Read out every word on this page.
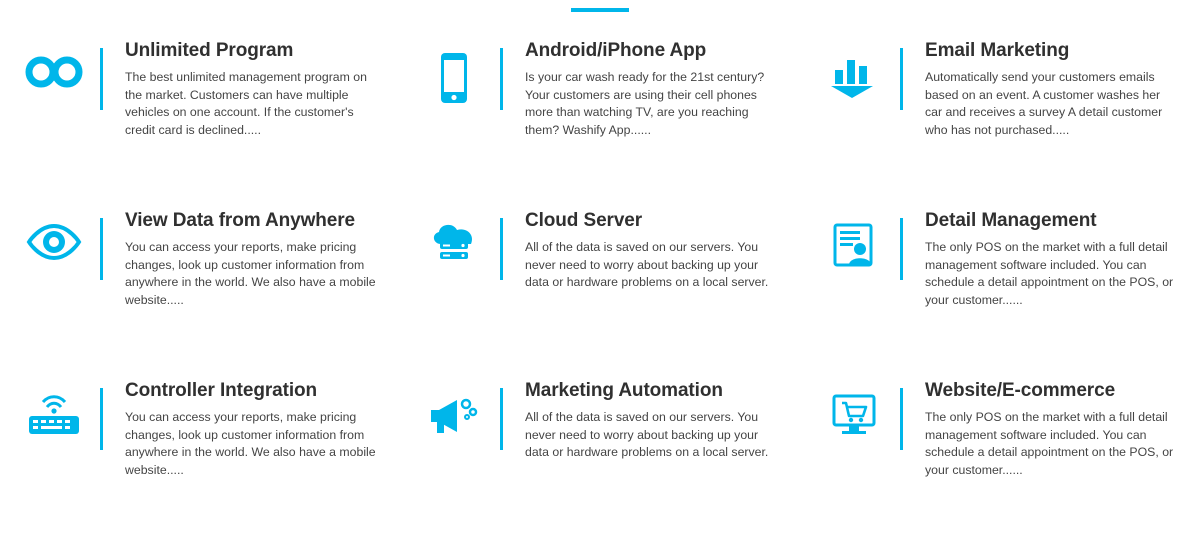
Unlimited Program

The best unlimited management program on the market. Customers can have multiple vehicles on one account. If the customer's credit card is declined.....

Android/iPhone App

Is your car wash ready for the 21st century? Your customers are using their cell phones more than watching TV, are you reaching them? Washify App......

Email Marketing

Automatically send your customers emails based on an event. A customer washes her car and receives a survey A detail customer who has not purchased.....

View Data from Anywhere

You can access your reports, make pricing changes, look up customer information from anywhere in the world. We also have a mobile website.....

Cloud Server

All of the data is saved on our servers. You never need to worry about backing up your data or hardware problems on a local server.

Detail Management

The only POS on the market with a full detail management software included. You can schedule a detail appointment on the POS, or your customer......

Controller Integration

You can access your reports, make pricing changes, look up customer information from anywhere in the world. We also have a mobile website.....

Marketing Automation

All of the data is saved on our servers. You never need to worry about backing up your data or hardware problems on a local server.

Website/E-commerce

The only POS on the market with a full detail management software included. You can schedule a detail appointment on the POS, or your customer......
